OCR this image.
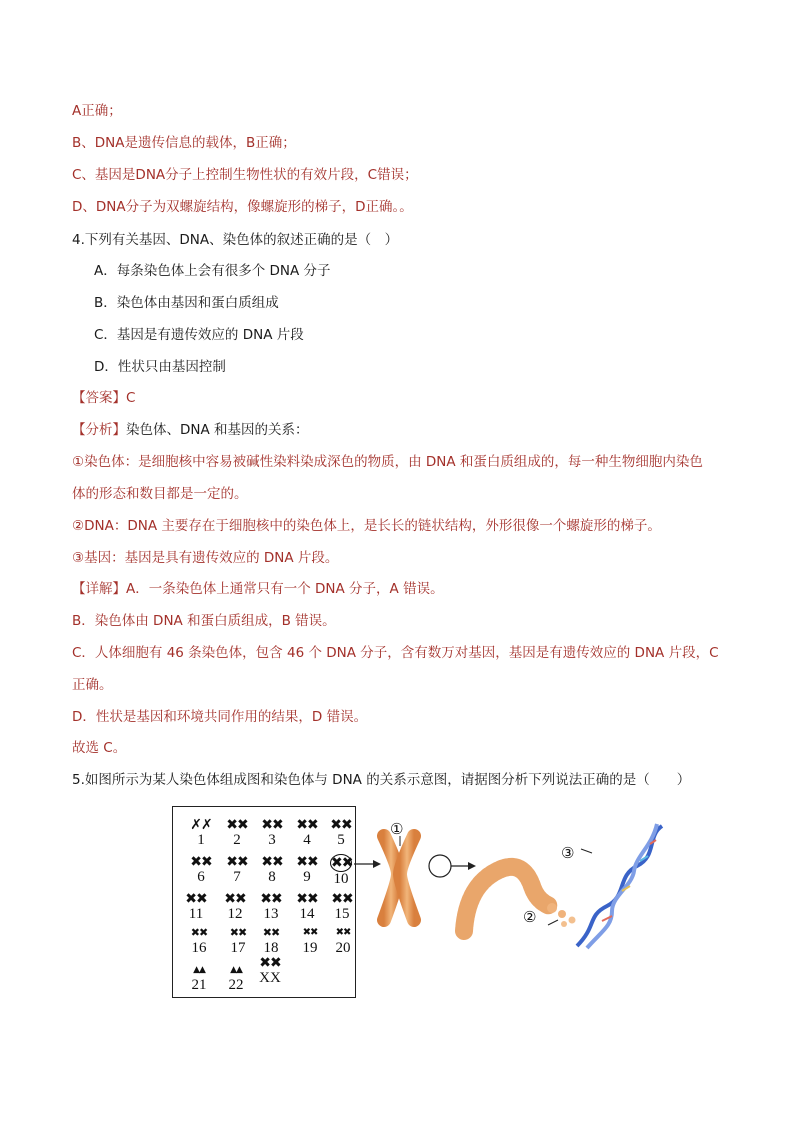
A正确；
B、DNA是遗传信息的载体，B正确；
C、基因是DNA分子上控制生物性状的有效片段，C错误；
D、DNA分子为双螺旋结构，像螺旋形的梯子，D正确。。
4.下列有关基因、DNA、染色体的叙述正确的是（　）
A．每条染色体上会有很多个 DNA 分子
B．染色体由基因和蛋白质组成
C．基因是有遗传效应的 DNA 片段
D．性状只由基因控制
【答案】C
【分析】染色体、DNA 和基因的关系：
①染色体：是细胞核中容易被碱性染料染成深色的物质，由 DNA 和蛋白质组成的，每一种生物细胞内染色
体的形态和数目都是一定的。
②DNA：DNA 主要存在于细胞核中的染色体上，是长长的链状结构，外形很像一个螺旋形的梯子。
③基因：基因是具有遗传效应的 DNA 片段。
【详解】A．一条染色体上通常只有一个 DNA 分子，A 错误。
B．染色体由 DNA 和蛋白质组成，B 错误。
C．人体细胞有 46 条染色体，包含 46 个 DNA 分子，含有数万对基因，基因是有遗传效应的 DNA 片段，C
正确。
D．性状是基因和环境共同作用的结果，D 错误。
故选 C。
5.如图所示为某人染色体组成图和染色体与 DNA 的关系示意图，请据图分析下列说法正确的是（　　）
✗✗
1
✖✖
2
✖✖
3
✖✖
4
✖✖
5
✖✖
6
✖✖
7
✖✖
8
✖✖
9
✖✖
10
✖✖
11
✖✖
12
✖✖
13
✖✖
14
✖✖
15
✖✖
16
✖✖
17
✖✖
18
✖✖
19
✖✖
20
▲▲
21
▲▲
22
✖✖
XX
①
②
③
